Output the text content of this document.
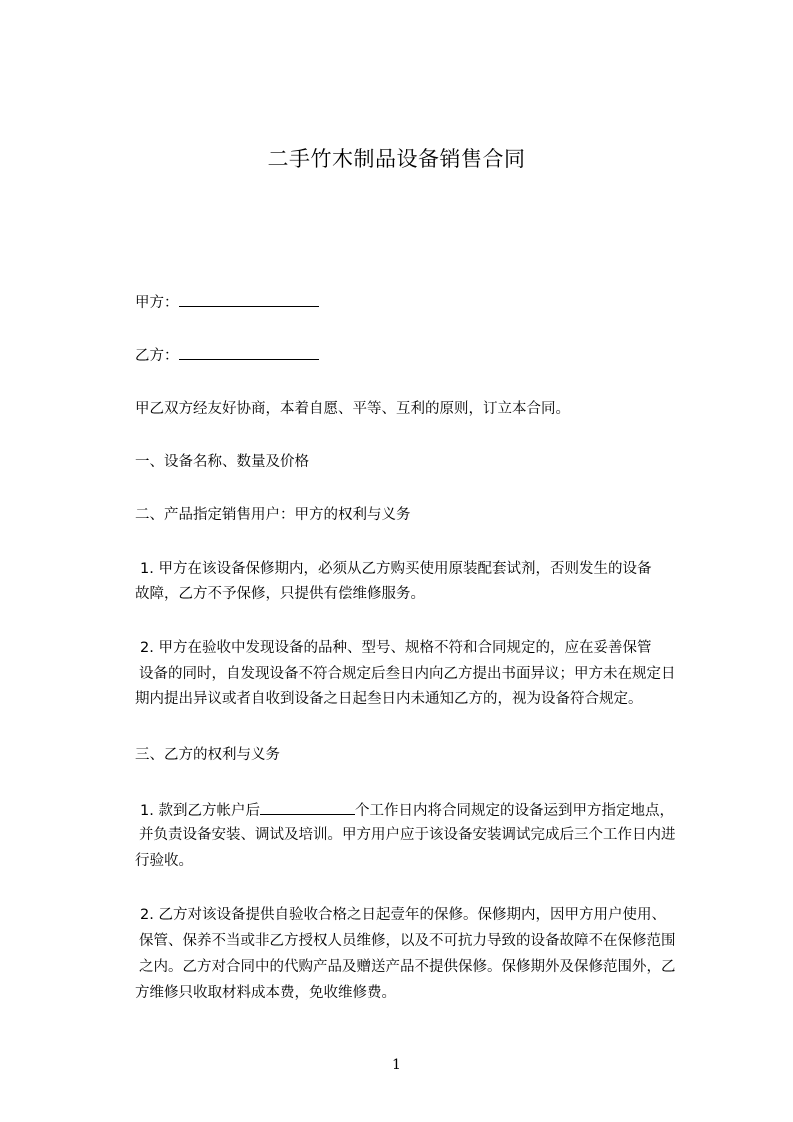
二手竹木制品设备销售合同
甲方：
乙方：
甲乙双方经友好协商，本着自愿、平等、互利的原则，订立本合同。
一、设备名称、数量及价格
二、产品指定销售用户：甲方的权利与义务
1. 甲方在该设备保修期内，必须从乙方购买使用原装配套试剂，否则发生的设备
故障，乙方不予保修，只提供有偿维修服务。
2. 甲方在验收中发现设备的品种、型号、规格不符和合同规定的，应在妥善保管
设备的同时，自发现设备不符合规定后叁日内向乙方提出书面异议；甲方未在规定日
期内提出异议或者自收到设备之日起叁日内未通知乙方的，视为设备符合规定。
三、乙方的权利与义务
1. 款到乙方帐户后	个工作日内将合同规定的设备运到甲方指定地点，
并负责设备安装、调试及培训。甲方用户应于该设备安装调试完成后三个工作日内进
行验收。
2. 乙方对该设备提供自验收合格之日起壹年的保修。保修期内，因甲方用户使用、
保管、保养不当或非乙方授权人员维修，以及不可抗力导致的设备故障不在保修范围
之内。乙方对合同中的代购产品及赠送产品不提供保修。保修期外及保修范围外，乙
方维修只收取材料成本费，免收维修费。
1
